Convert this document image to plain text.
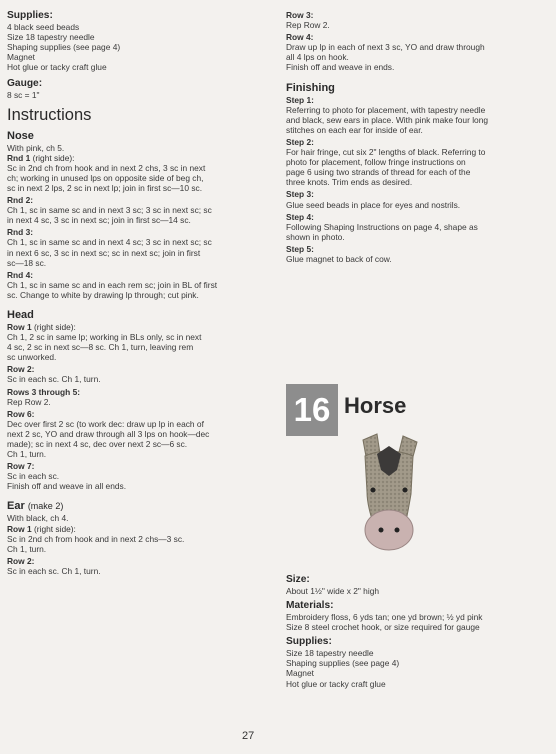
Supplies:
4 black seed beads
Size 18 tapestry needle
Shaping supplies (see page 4)
Magnet
Hot glue or tacky craft glue
Gauge:
8 sc = 1"
Instructions
Nose
With pink, ch 5.
Rnd 1 (right side):
Sc in 2nd ch from hook and in next 2 chs, 3 sc in next
ch; working in unused lps on opposite side of beg ch,
sc in next 2 lps, 2 sc in next lp; join in first sc—10 sc.
Rnd 2:
Ch 1, sc in same sc and in next 3 sc; 3 sc in next sc; sc
in next 4 sc, 3 sc in next sc; join in first sc—14 sc.
Rnd 3:
Ch 1, sc in same sc and in next 4 sc; 3 sc in next sc; sc
in next 6 sc, 3 sc in next sc; sc in next sc; join in first
sc—18 sc.
Rnd 4:
Ch 1, sc in same sc and in each rem sc; join in BL of first
sc. Change to white by drawing lp through; cut pink.
Head
Row 1 (right side):
Ch 1, 2 sc in same lp; working in BLs only, sc in next
4 sc, 2 sc in next sc—8 sc. Ch 1, turn, leaving rem
sc unworked.
Row 2:
Sc in each sc. Ch 1, turn.
Rows 3 through 5:
Rep Row 2.
Row 6:
Dec over first 2 sc (to work dec: draw up lp in each of
next 2 sc, YO and draw through all 3 lps on hook—dec
made); sc in next 4 sc, dec over next 2 sc—6 sc.
Ch 1, turn.
Row 7:
Sc in each sc.
Finish off and weave in all ends.
Ear (make 2)
With black, ch 4.
Row 1 (right side):
Sc in 2nd ch from hook and in next 2 chs—3 sc.
Ch 1, turn.
Row 2:
Sc in each sc. Ch 1, turn.
Row 3:
Rep Row 2.
Row 4:
Draw up lp in each of next 3 sc, YO and draw through
all 4 lps on hook.
Finish off and weave in ends.
Finishing
Step 1:
Referring to photo for placement, with tapestry needle
and black, sew ears in place. With pink make four long
stitches on each ear for inside of ear.
Step 2:
For hair fringe, cut six 2" lengths of black. Referring to
photo for placement, follow fringe instructions on
page 6 using two strands of thread for each of the
three knots. Trim ends as desired.
Step 3:
Glue seed beads in place for eyes and nostrils.
Step 4:
Following Shaping Instructions on page 4, shape as
shown in photo.
Step 5:
Glue magnet to back of cow.
16 Horse
Size:
About 1½" wide x 2" high
Materials:
Embroidery floss, 6 yds tan; one yd brown; ½ yd pink
Size 8 steel crochet hook, or size required for gauge
Supplies:
Size 18 tapestry needle
Shaping supplies (see page 4)
Magnet
Hot glue or tacky craft glue
27
